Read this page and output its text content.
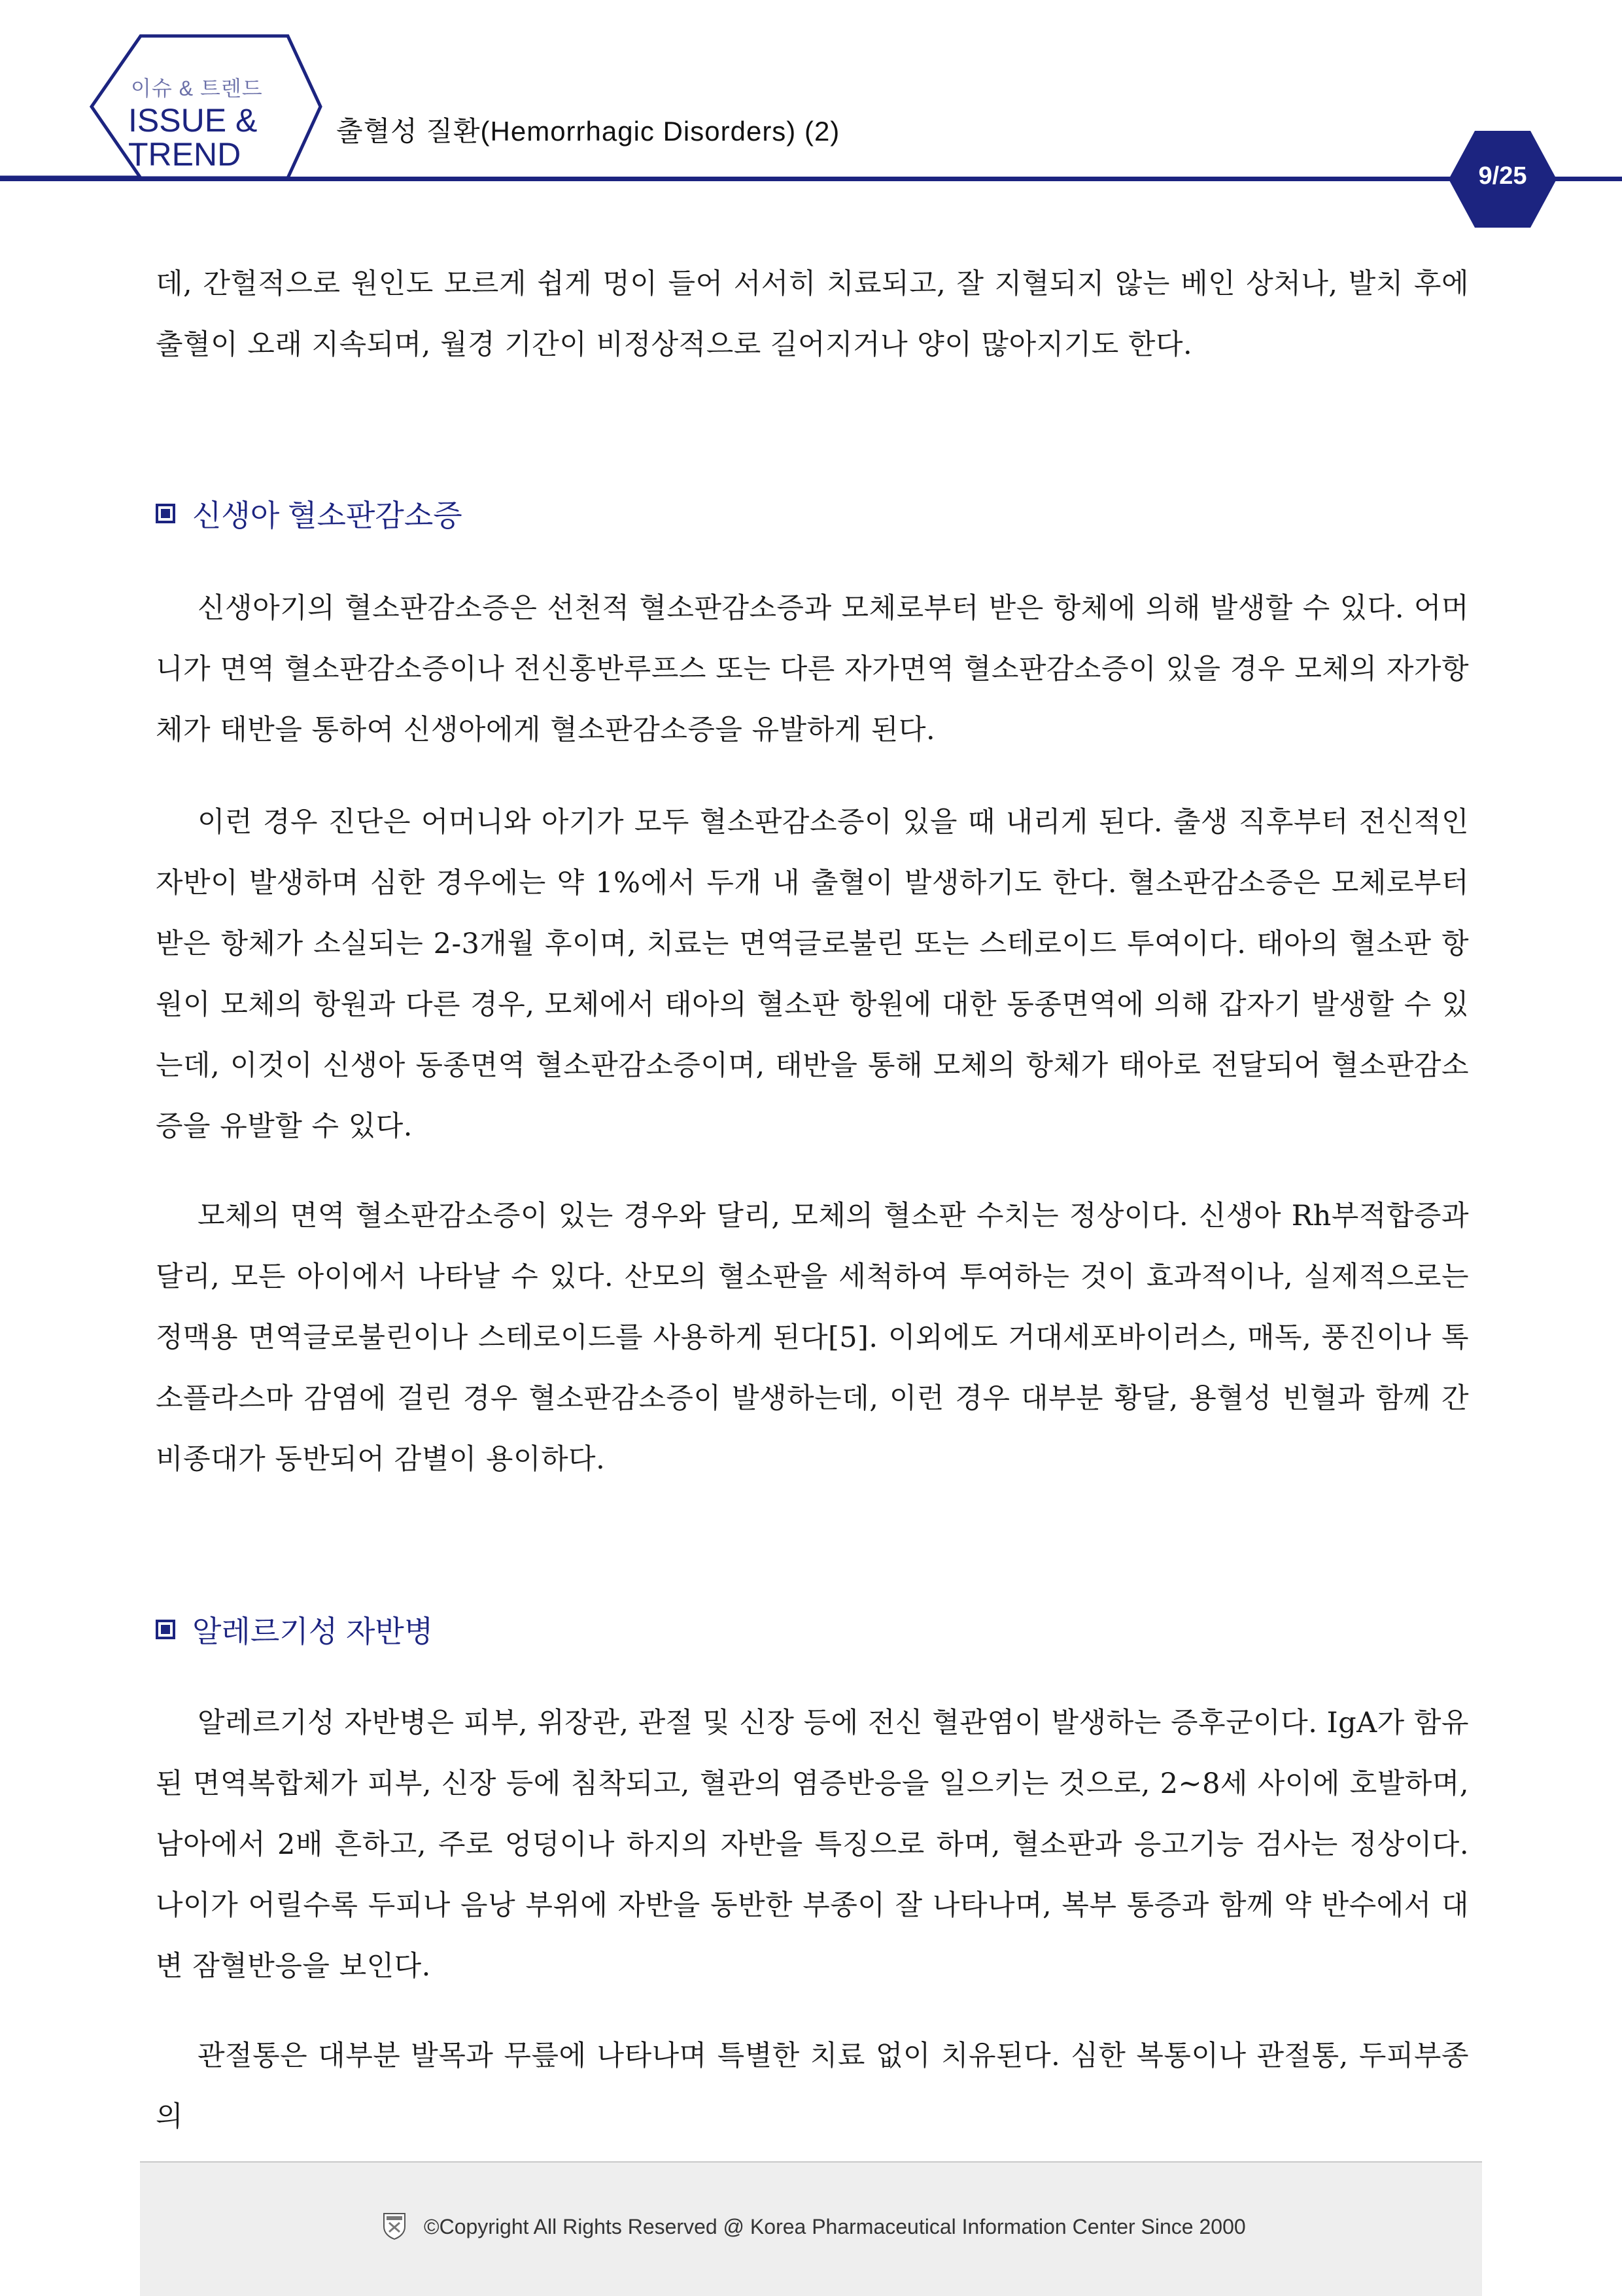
이슈 & 트렌드
ISSUE &
TREND
출혈성 질환(Hemorrhagic Disorders) (2)
9/25
데, 간헐적으로 원인도 모르게 쉽게 멍이 들어 서서히 치료되고, 잘 지혈되지 않는 베인 상처나, 발치 후에 출혈이 오래 지속되며, 월경 기간이 비정상적으로 길어지거나 양이 많아지기도 한다.
신생아 혈소판감소증
신생아기의 혈소판감소증은 선천적 혈소판감소증과 모체로부터 받은 항체에 의해 발생할 수 있다. 어머니가 면역 혈소판감소증이나 전신홍반루프스 또는 다른 자가면역 혈소판감소증이 있을 경우 모체의 자가항체가 태반을 통하여 신생아에게 혈소판감소증을 유발하게 된다.
이런 경우 진단은 어머니와 아기가 모두 혈소판감소증이 있을 때 내리게 된다. 출생 직후부터 전신적인 자반이 발생하며 심한 경우에는 약 1%에서 두개 내 출혈이 발생하기도 한다. 혈소판감소증은 모체로부터 받은 항체가 소실되는 2-3개월 후이며, 치료는 면역글로불린 또는 스테로이드 투여이다. 태아의 혈소판 항원이 모체의 항원과 다른 경우, 모체에서 태아의 혈소판 항원에 대한 동종면역에 의해 갑자기 발생할 수 있는데, 이것이 신생아 동종면역 혈소판감소증이며, 태반을 통해 모체의 항체가 태아로 전달되어 혈소판감소증을 유발할 수 있다.
모체의 면역 혈소판감소증이 있는 경우와 달리, 모체의 혈소판 수치는 정상이다. 신생아 Rh부적합증과 달리, 모든 아이에서 나타날 수 있다. 산모의 혈소판을 세척하여 투여하는 것이 효과적이나, 실제적으로는 정맥용 면역글로불린이나 스테로이드를 사용하게 된다[5]. 이외에도 거대세포바이러스, 매독, 풍진이나 톡소플라스마 감염에 걸린 경우 혈소판감소증이 발생하는데, 이런 경우 대부분 황달, 용혈성 빈혈과 함께 간비종대가 동반되어 감별이 용이하다.
알레르기성 자반병
알레르기성 자반병은 피부, 위장관, 관절 및 신장 등에 전신 혈관염이 발생하는 증후군이다. IgA가 함유된 면역복합체가 피부, 신장 등에 침착되고, 혈관의 염증반응을 일으키는 것으로, 2~8세 사이에 호발하며, 남아에서 2배 흔하고, 주로 엉덩이나 하지의 자반을 특징으로 하며, 혈소판과 응고기능 검사는 정상이다. 나이가 어릴수록 두피나 음낭 부위에 자반을 동반한 부종이 잘 나타나며, 복부 통증과 함께 약 반수에서 대변 잠혈반응을 보인다.
관절통은 대부분 발목과 무릎에 나타나며 특별한 치료 없이 치유된다. 심한 복통이나 관절통, 두피부종의
©Copyright All Rights Reserved @ Korea Pharmaceutical Information Center Since 2000
